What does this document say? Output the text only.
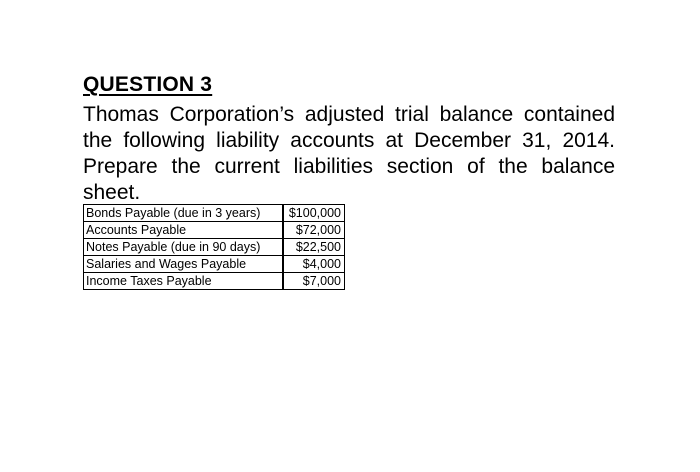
QUESTION 3

Thomas Corporation’s adjusted trial balance contained the following liability accounts at December 31, 2014. Prepare the current liabilities section of the balance sheet.

Bonds Payable (due in 3 years)	$100,000
Accounts Payable	$72,000
Notes Payable (due in 90 days)	$22,500
Salaries and Wages Payable	$4,000
Income Taxes Payable	$7,000
